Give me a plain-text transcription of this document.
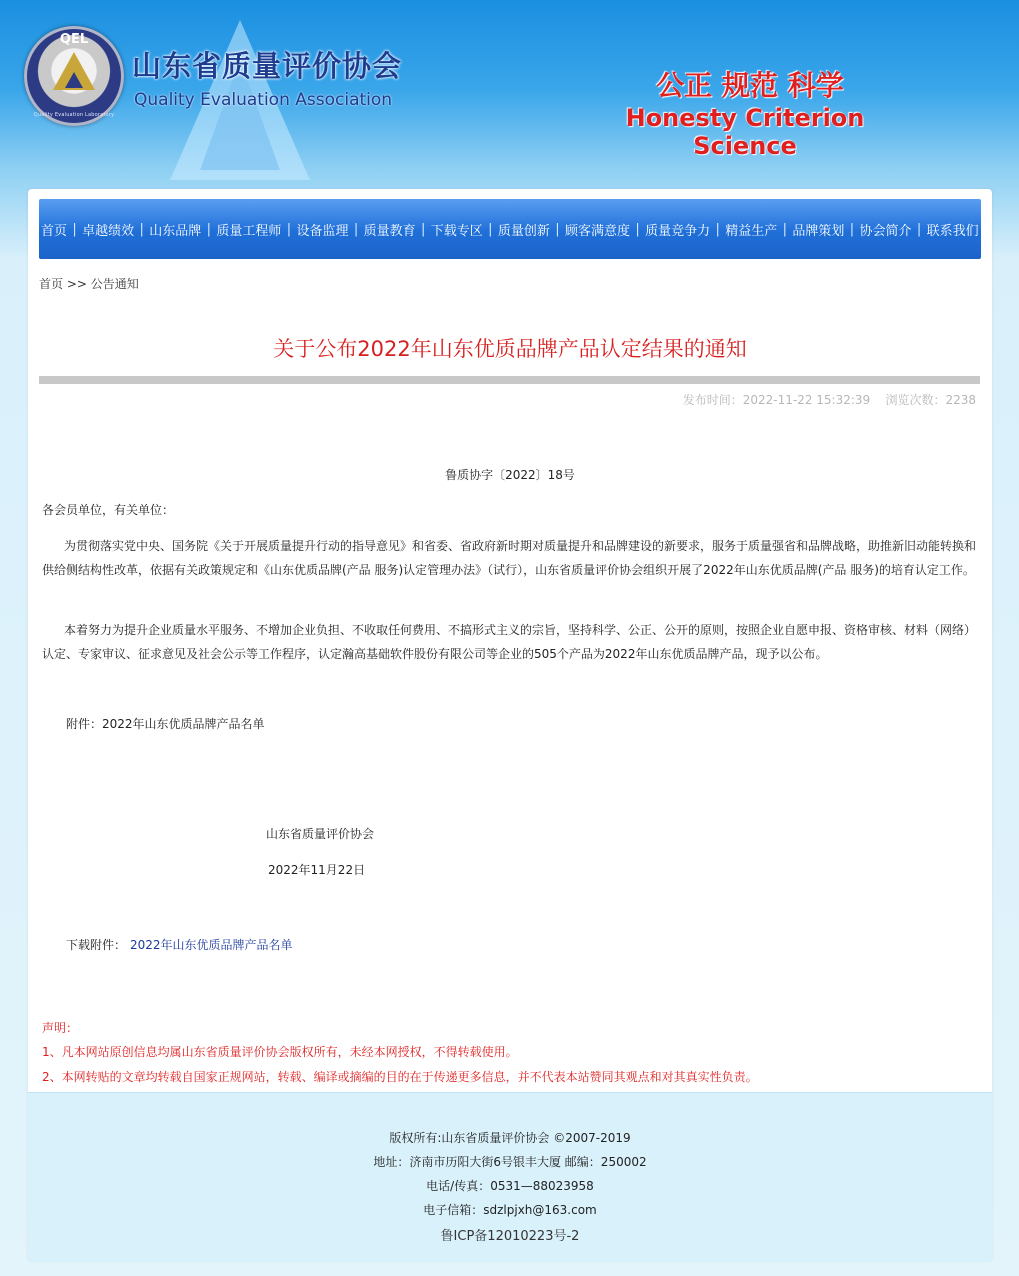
QEL
Quality Evaluation Laboratory
山东省质量评价协会
Quality Evaluation Association	公正 规范 科学
Honesty Criterion Science
首页 | 卓越绩效 | 山东品牌 | 质量工程师 | 设备监理 | 质量教育 | 下载专区 | 质量创新 | 顾客满意度 | 质量竞争力 | 精益生产 | 品牌策划 | 协会简介 | 联系我们
首页 >> 公告通知
关于公布2022年山东优质品牌产品认定结果的通知
发布时间：2022-11-22 15:32:39 浏览次数：2238
鲁质协字〔2022〕18号
各会员单位，有关单位：
为贯彻落实党中央、国务院《关于开展质量提升行动的指导意见》和省委、省政府新时期对质量提升和品牌建设的新要求，服务于质量强省和品牌战略，助推新旧动能转换和供给侧结构性改革，依据有关政策规定和《山东优质品牌(产品 服务)认定管理办法》（试行），山东省质量评价协会组织开展了2022年山东优质品牌(产品 服务)的培育认定工作。
本着努力为提升企业质量水平服务、不增加企业负担、不收取任何费用、不搞形式主义的宗旨，坚持科学、公正、公开的原则，按照企业自愿申报、资格审核、材料（网络）认定、专家审议、征求意见及社会公示等工作程序，认定瀚高基础软件股份有限公司等企业的505个产品为2022年山东优质品牌产品，现予以公布。
附件：2022年山东优质品牌产品名单
山东省质量评价协会
2022年11月22日
下载附件： 2022年山东优质品牌产品名单
声明：
1、凡本网站原创信息均属山东省质量评价协会版权所有，未经本网授权，不得转载使用。
2、本网转贴的文章均转载自国家正规网站，转载、编译或摘编的目的在于传递更多信息，并不代表本站赞同其观点和对其真实性负责。
版权所有:山东省质量评价协会 ©2007-2019
地址：济南市历阳大街6号银丰大厦 邮编：250002
电话/传真：0531—88023958
电子信箱：sdzlpjxh@163.com
鲁ICP备12010223号-2
